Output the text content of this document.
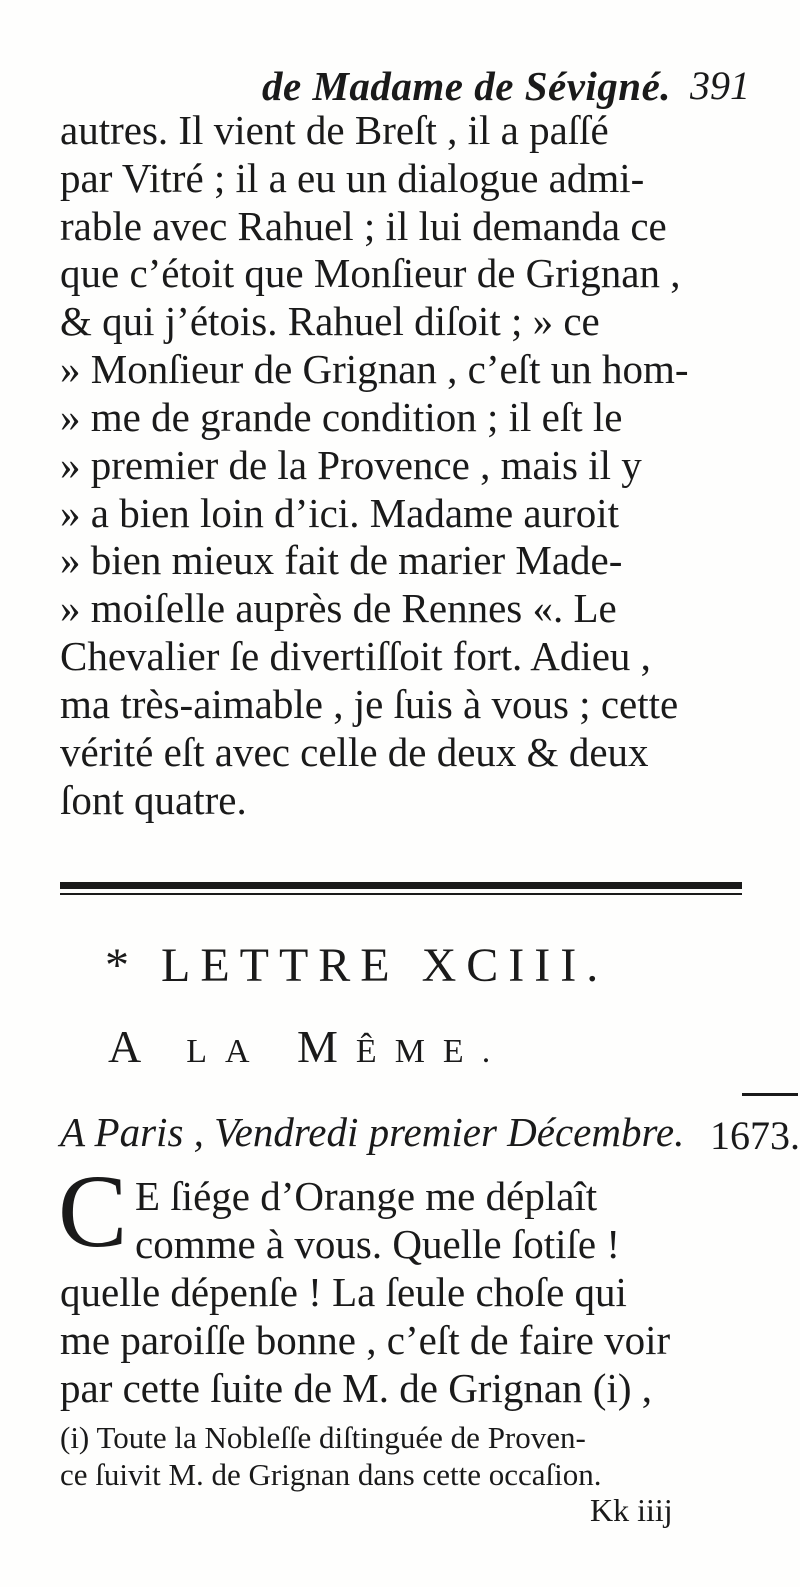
de Madame de Sévigné. 391
autres. Il vient de Breſt , il a paſſé
par Vitré ; il a eu un dialogue admi-
rable avec Rahuel ; il lui demanda ce
que c’étoit que Monſieur de Grignan ,
& qui j’étois. Rahuel diſoit ; » ce
» Monſieur de Grignan , c’eſt un hom-
» me de grande condition ; il eſt le
» premier de la Provence , mais il y
» a bien loin d’ici. Madame auroit
» bien mieux fait de marier Made-
» moiſelle auprès de Rennes «. Le
Chevalier ſe divertiſſoit fort. Adieu ,
ma très-aimable , je ſuis à vous ; cette
vérité eſt avec celle de deux & deux
ſont quatre.
* LETTRE XCIII.
A LA MÊME.
A Paris , Vendredi premier Décembre. 1673.
C E ſiége d’Orange me déplaît
comme à vous. Quelle ſotiſe !
quelle dépenſe ! La ſeule choſe qui
me paroiſſe bonne , c’eſt de faire voir
par cette ſuite de M. de Grignan (i) ,
(i) Toute la Nobleſſe diſtinguée de Proven-
ce ſuivit M. de Grignan dans cette occaſion.
Kk iiij
